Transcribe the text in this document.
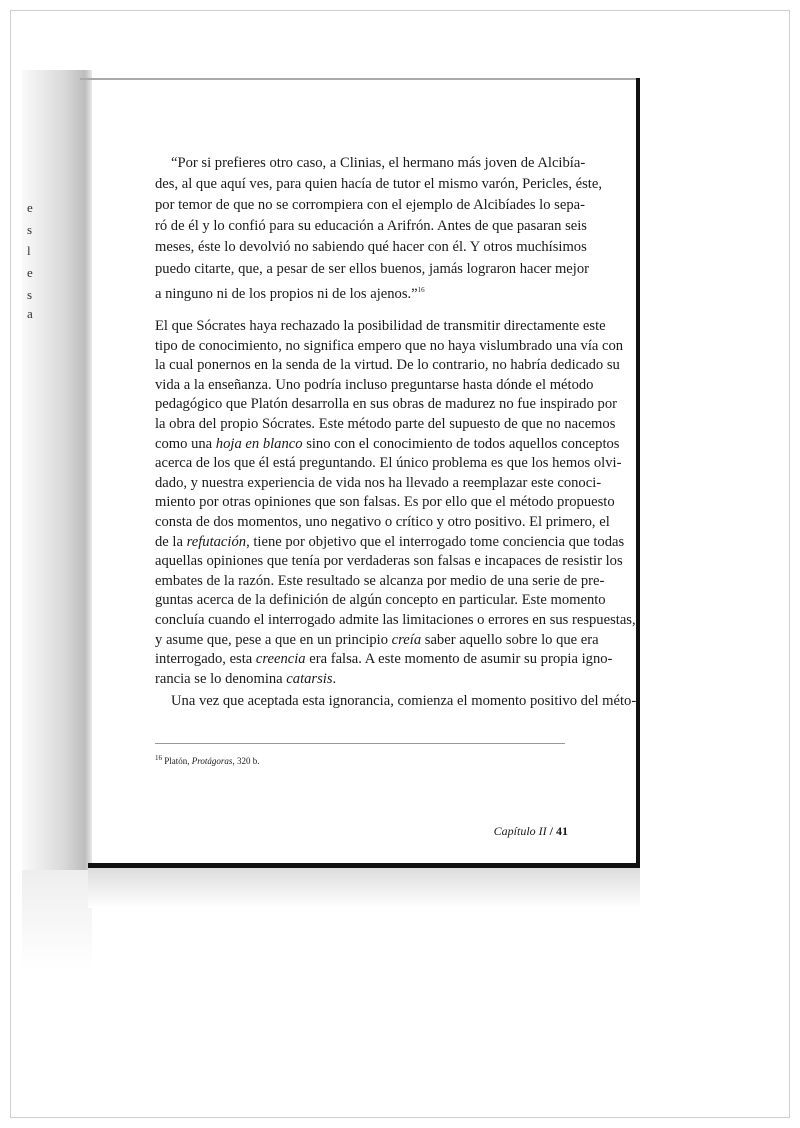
e
s
l
e
s
a
“Por si prefieres otro caso, a Clinias, el hermano más joven de Alcibía-
des, al que aquí ves, para quien hacía de tutor el mismo varón, Pericles, éste,
por temor de que no se corrompiera con el ejemplo de Alcibíades lo sepa-
ró de él y lo confió para su educación a Arifrón. Antes de que pasaran seis
meses, éste lo devolvió no sabiendo qué hacer con él. Y otros muchísimos
puedo citarte, que, a pesar de ser ellos buenos, jamás lograron hacer mejor
a ninguno ni de los propios ni de los ajenos.”$^{16}$
El que Sócrates haya rechazado la posibilidad de transmitir directamente este
tipo de conocimiento, no significa empero que no haya vislumbrado una vía con
la cual ponernos en la senda de la virtud. De lo contrario, no habría dedicado su
vida a la enseñanza. Uno podría incluso preguntarse hasta dónde el método
pedagógico que Platón desarrolla en sus obras de madurez no fue inspirado por
la obra del propio Sócrates. Este método parte del supuesto de que no nacemos
como una hoja en blanco sino con el conocimiento de todos aquellos conceptos
acerca de los que él está preguntando. El único problema es que los hemos olvi-
dado, y nuestra experiencia de vida nos ha llevado a reemplazar este conoci-
miento por otras opiniones que son falsas. Es por ello que el método propuesto
consta de dos momentos, uno negativo o crítico y otro positivo. El primero, el
de la refutación, tiene por objetivo que el interrogado tome conciencia que todas
aquellas opiniones que tenía por verdaderas son falsas e incapaces de resistir los
embates de la razón. Este resultado se alcanza por medio de una serie de pre-
guntas acerca de la definición de algún concepto en particular. Este momento
concluía cuando el interrogado admite las limitaciones o errores en sus respuestas,
y asume que, pese a que en un principio creía saber aquello sobre lo que era
interrogado, esta creencia era falsa. A este momento de asumir su propia igno-
rancia se lo denomina catarsis.
Una vez que aceptada esta ignorancia, comienza el momento positivo del méto-
$^{16}$ Platón, Protágoras, 320 b.
Capítulo II / 41
